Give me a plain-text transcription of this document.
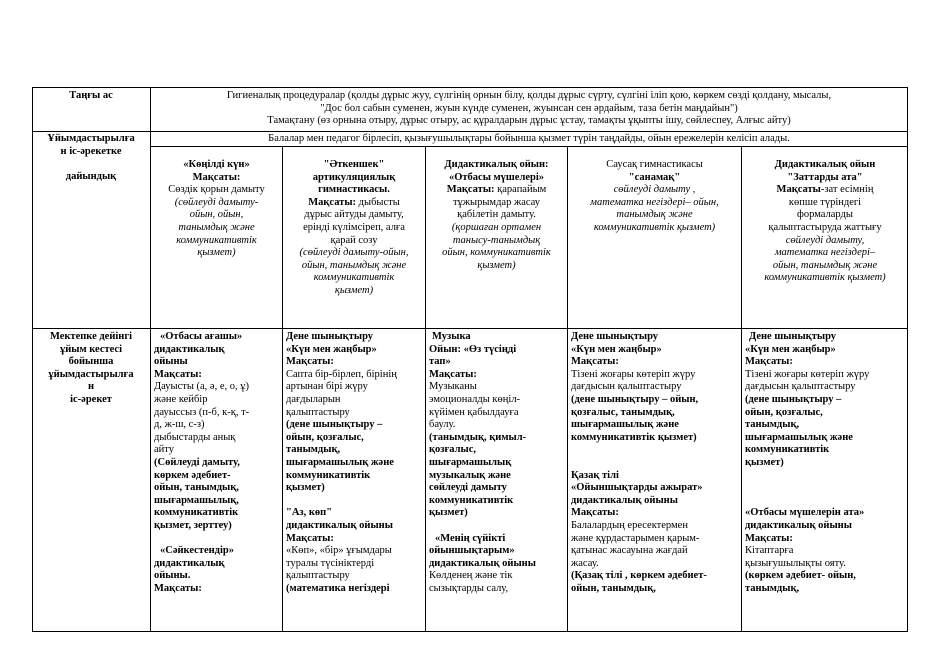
Таңғы ас	Гигиеналық процедуралар (қолды дұрыс жуу, сүлгінің орнын білу, қолды дұрыс сүрту, сүлгіні іліп қою, көркем сөзді қолдану, мысалы,

"Дос бол сабын суменен, жуын күнде суменен, жуынсан сен әрдайым, таза бетін маңдайын")

Тамақтану (өз орнына отыру, дұрыс отыру, ас құралдарын дұрыс ұстау, тамақты ұқыпты ішу, сөйлеспеу, Алғыс айту)

Ұйымдастырылға

н іс-әрекетке

дайындық

Балалар мен педагог бірлесіп, қызығушылықтары бойынша қызмет түрін таңдайды, ойын ережелерін келісіп алады.

«Көңілді күн»

Мақсаты:

Сөздік қорын дамыту

(сөйлеуді дамыту-

ойын, ойын,

танымдық және

коммуникативтік

қызмет)

"Әткеншек"

артикуляциялық

гимнастикасы.

Мақсаты: дыбысты

дұрыс айтуды дамыту,

еріндi күлімсіреп, алға

қарай созу

(сөйлеуді дамыту-ойын,

ойын, танымдық және

коммуникативтік

қызмет)

Дидактикалық ойын:

«Отбасы мүшелері»

Мақсаты: қарапайым

тұжырымдар жасау

қабілетін дамыту.

(қоршаған ортамен

танысу-танымдық

ойын, коммуникативтік

қызмет)

Саусақ гимнастикасы

"санамақ"

сөйлеуді дамыту ,

математка негіздері– ойын,

танымдық және

коммуникативтік қызмет)

Дидактикалық ойын

"Заттарды ата"

Мақсаты-зат есімнің

көпше түріндегі

формаларды

қалыптастыруда жаттығу

сөйлеуді дамыту,

математка негіздері–

ойын, танымдық және

коммуникативтік қызмет)

Мектепке дейінгі

ұйым кестесі

бойынша

ұйымдастырылға

н

іс-әрекет

«Отбасы ағашы»

дидактикалық

ойыны

Мақсаты:

Дауысты (а, ә, е, о, ұ)

және кейбір

дауыссыз (п-б, к-қ, т-

д, ж-ш, с-з)

дыбыстарды анық

айту

(Сөйлеуді дамыту,

көркем әдебиет-

ойын, танымдық,

шығармашылық,

коммуникативтік

қызмет, зерттеу)

«Сәйкестендір»

дидактикалық

ойыны.

Мақсаты:

Дене шынықтыру

«Күн мен жаңбыр»

Мақсаты:

Сапта бір-бірлеп, бірінің

артынан бірі жүру

дағдыларын

қалыптастыру

(дене шынықтыру –

ойын, қозғалыс,

танымдық,

шығармашылық және

коммуникативтік

қызмет)

"Аз, көп"

дидактикалық ойыны

Мақсаты:

«Көп», «бір» ұғымдары

туралы түсініктерді

қалыптастыру

(математика негіздері

Музыка

Ойын: «Өз түсіңді

тап»

Мақсаты:

Музыканы

эмоционалды көңіл-

күйімен қабылдауға

баулу.

(танымдық, қимыл-

қозғалыс,

шығармашылық

музыкалық және

сөйлеуді дамыту

коммуникативтік

қызмет)

«Менің сүйікті

ойыншықтарым»

дидактикалық ойыны

Көлденең және тік

сызықтарды салу,

Дене шынықтыру

«Күн мен жаңбыр»

Мақсаты:

Тізені жоғары көтеріп жүру

дағдысын қалыптастыру

(дене шынықтыру – ойын,

қозғалыс, танымдық,

шығармашылық және

коммуникативтік қызмет)

Қазақ тілі

«Ойыншықтарды ажырат»

дидактикалық ойыны

Мақсаты:

Балалардың ересектермен

және құрдастарымен қарым-

қатынас жасауына жағдай

жасау.

(Қазақ тілі , көркем әдебиет-

ойын, танымдық,

Дене шынықтыру

«Күн мен жаңбыр»

Мақсаты:

Тізені жоғары көтеріп жүру

дағдысын қалыптастыру

(дене шынықтыру –

ойын, қозғалыс,

танымдық,

шығармашылық және

коммуникативтік

қызмет)

«Отбасы мүшелерін ата»

дидактикалық ойыны

Мақсаты:

Кітаптарға

қызығушылықты ояту.

(көркем әдебиет- ойын,

танымдық,
